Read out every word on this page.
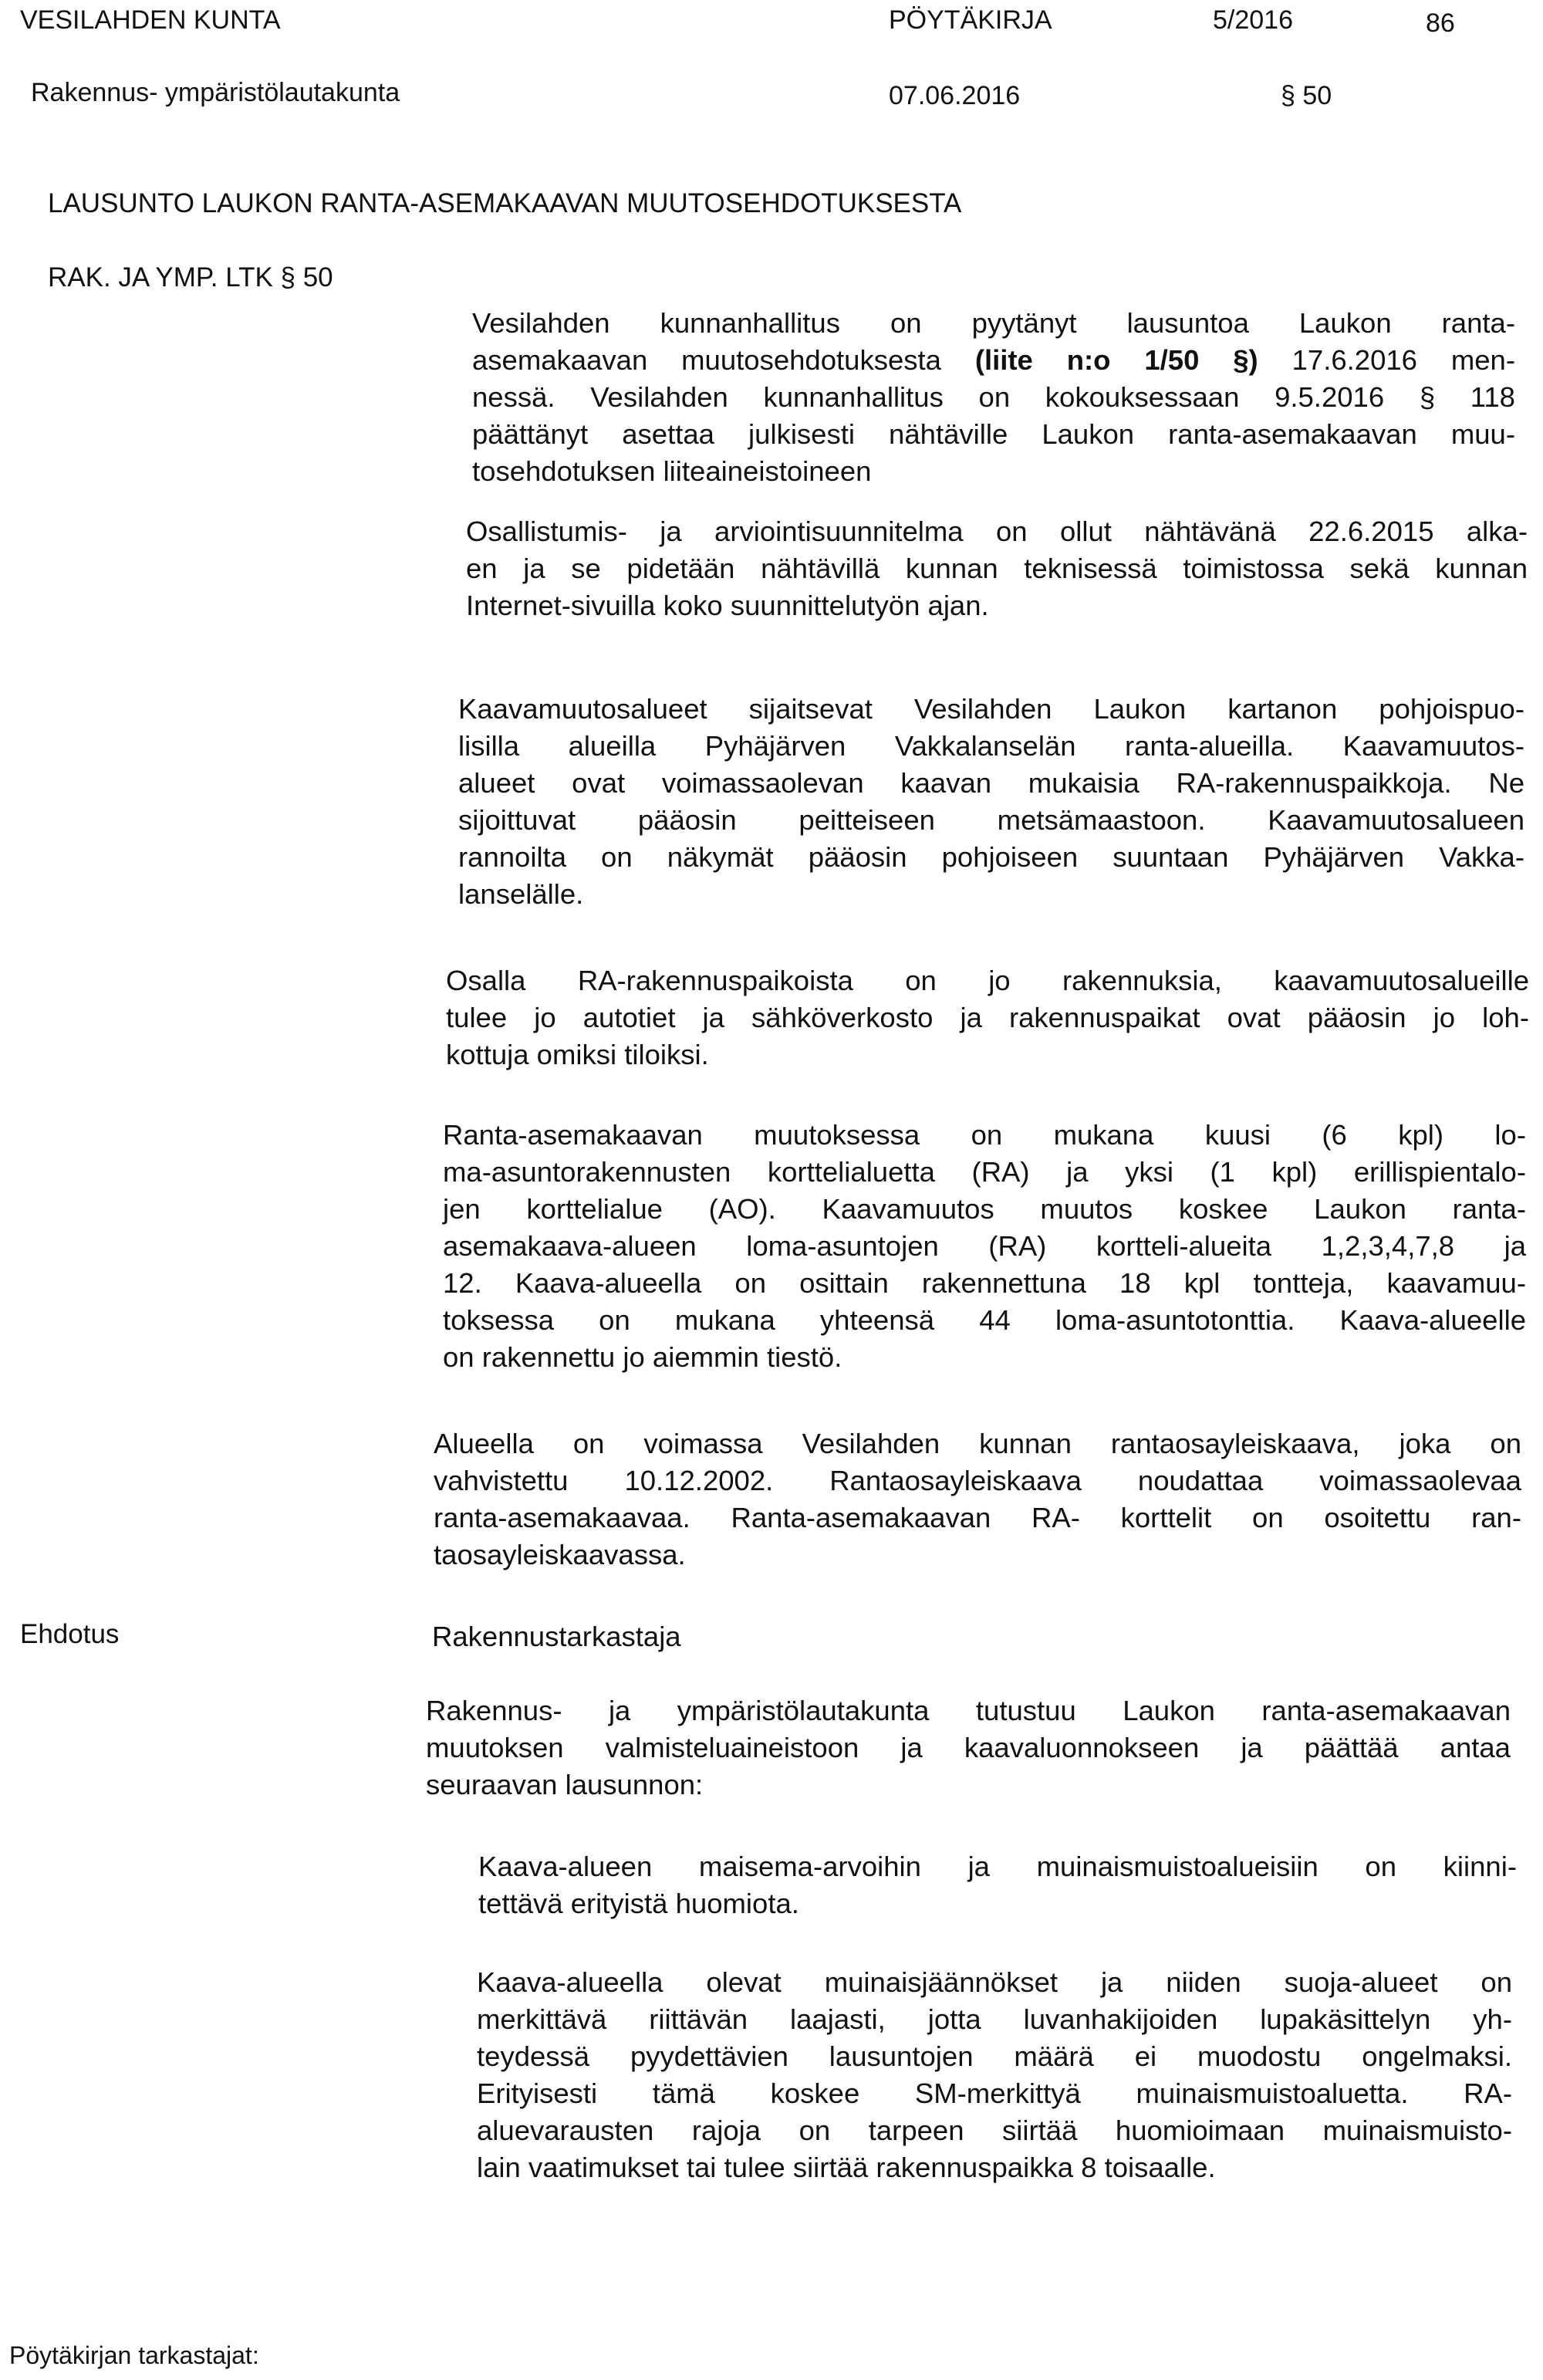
VESILAHDEN KUNTA	PÖYTÄKIRJA	5/2016	86
Rakennus- ympäristölautakunta	07.06.2016	§ 50
LAUSUNTO LAUKON RANTA-ASEMAKAAVAN MUUTOSEHDOTUKSESTA
RAK. JA YMP. LTK § 50
Vesilahden kunnanhallitus on pyytänyt lausuntoa Laukon ranta-
asemakaavan muutosehdotuksesta (liite n:o 1/50 §) 17.6.2016 men-
nessä. Vesilahden kunnanhallitus on kokouksessaan 9.5.2016 § 118
päättänyt asettaa julkisesti nähtäville Laukon ranta-asemakaavan muu-
tosehdotuksen liiteaineistoineen
Osallistumis- ja arviointisuunnitelma on ollut nähtävänä 22.6.2015 alka-
en ja se pidetään nähtävillä kunnan teknisessä toimistossa sekä kunnan
Internet-sivuilla koko suunnittelutyön ajan.
Kaavamuutosalueet sijaitsevat Vesilahden Laukon kartanon pohjoispuo-
lisilla alueilla Pyhäjärven Vakkalanselän ranta-alueilla. Kaavamuutos-
alueet ovat voimassaolevan kaavan mukaisia RA-rakennuspaikkoja. Ne
sijoittuvat pääosin peitteiseen metsämaastoon. Kaavamuutosalueen
rannoilta on näkymät pääosin pohjoiseen suuntaan Pyhäjärven Vakka-
lanselälle.
Osalla RA-rakennuspaikoista on jo rakennuksia, kaavamuutosalueille
tulee jo autotiet ja sähköverkosto ja rakennuspaikat ovat pääosin jo loh-
kottuja omiksi tiloiksi.
Ranta-asemakaavan muutoksessa on mukana kuusi (6 kpl) lo-
ma-asuntorakennusten korttelialuetta (RA) ja yksi (1 kpl) erillispientalo-
jen korttelialue (AO). Kaavamuutos muutos koskee Laukon ranta-
asemakaava-alueen loma-asuntojen (RA) kortteli-alueita 1,2,3,4,7,8 ja
12. Kaava-alueella on osittain rakennettuna 18 kpl tontteja, kaavamuu-
toksessa on mukana yhteensä 44 loma-asuntotonttia. Kaava-alueelle
on rakennettu jo aiemmin tiestö.
Alueella on voimassa Vesilahden kunnan rantaosayleiskaava, joka on
vahvistettu 10.12.2002. Rantaosayleiskaava noudattaa voimassaolevaa
ranta-asemakaavaa. Ranta-asemakaavan RA- korttelit on osoitettu ran-
taosayleiskaavassa.
Ehdotus	Rakennustarkastaja
Rakennus- ja ympäristölautakunta tutustuu Laukon ranta-asemakaavan
muutoksen valmisteluaineistoon ja kaavaluonnokseen ja päättää antaa
seuraavan lausunnon:
Kaava-alueen maisema-arvoihin ja muinaismuistoalueisiin on kiinni-
tettävä erityistä huomiota.
Kaava-alueella olevat muinaisjäännökset ja niiden suoja-alueet on
merkittävä riittävän laajasti, jotta luvanhakijoiden lupakäsittelyn yh-
teydessä pyydettävien lausuntojen määrä ei muodostu ongelmaksi.
Erityisesti tämä koskee SM-merkittyä muinaismuistoaluetta. RA-
aluevarausten rajoja on tarpeen siirtää huomioimaan muinaismuisto-
lain vaatimukset tai tulee siirtää rakennuspaikka 8 toisaalle.
Pöytäkirjan tarkastajat:
